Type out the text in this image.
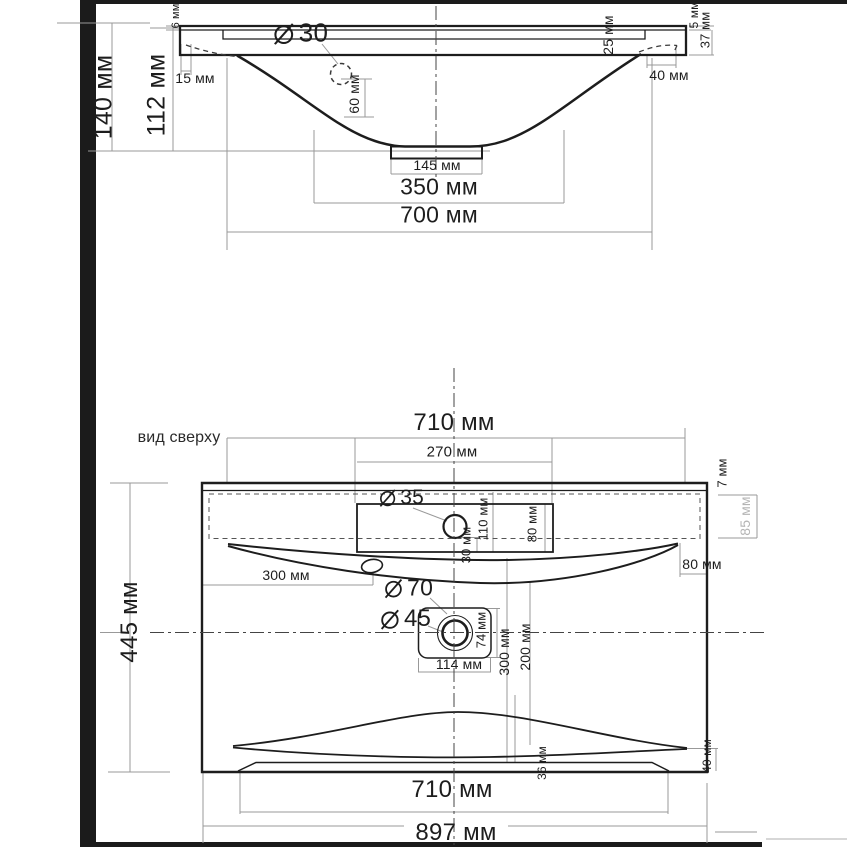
140 мм 112 мм
6 мм
30
15 мм	60 мм
25 мм
5 мм
37 мм
40 мм
145 мм
350 мм
700 мм
вид сверху
710 мм
270 мм
35	110 мм
30 мм
80 мм
7 мм
85 мм
80 мм
300 мм	70
45	74 мм
114 мм 300 мм 200 мм
36 мм	40 мм
710 мм
897 мм
445 мм
